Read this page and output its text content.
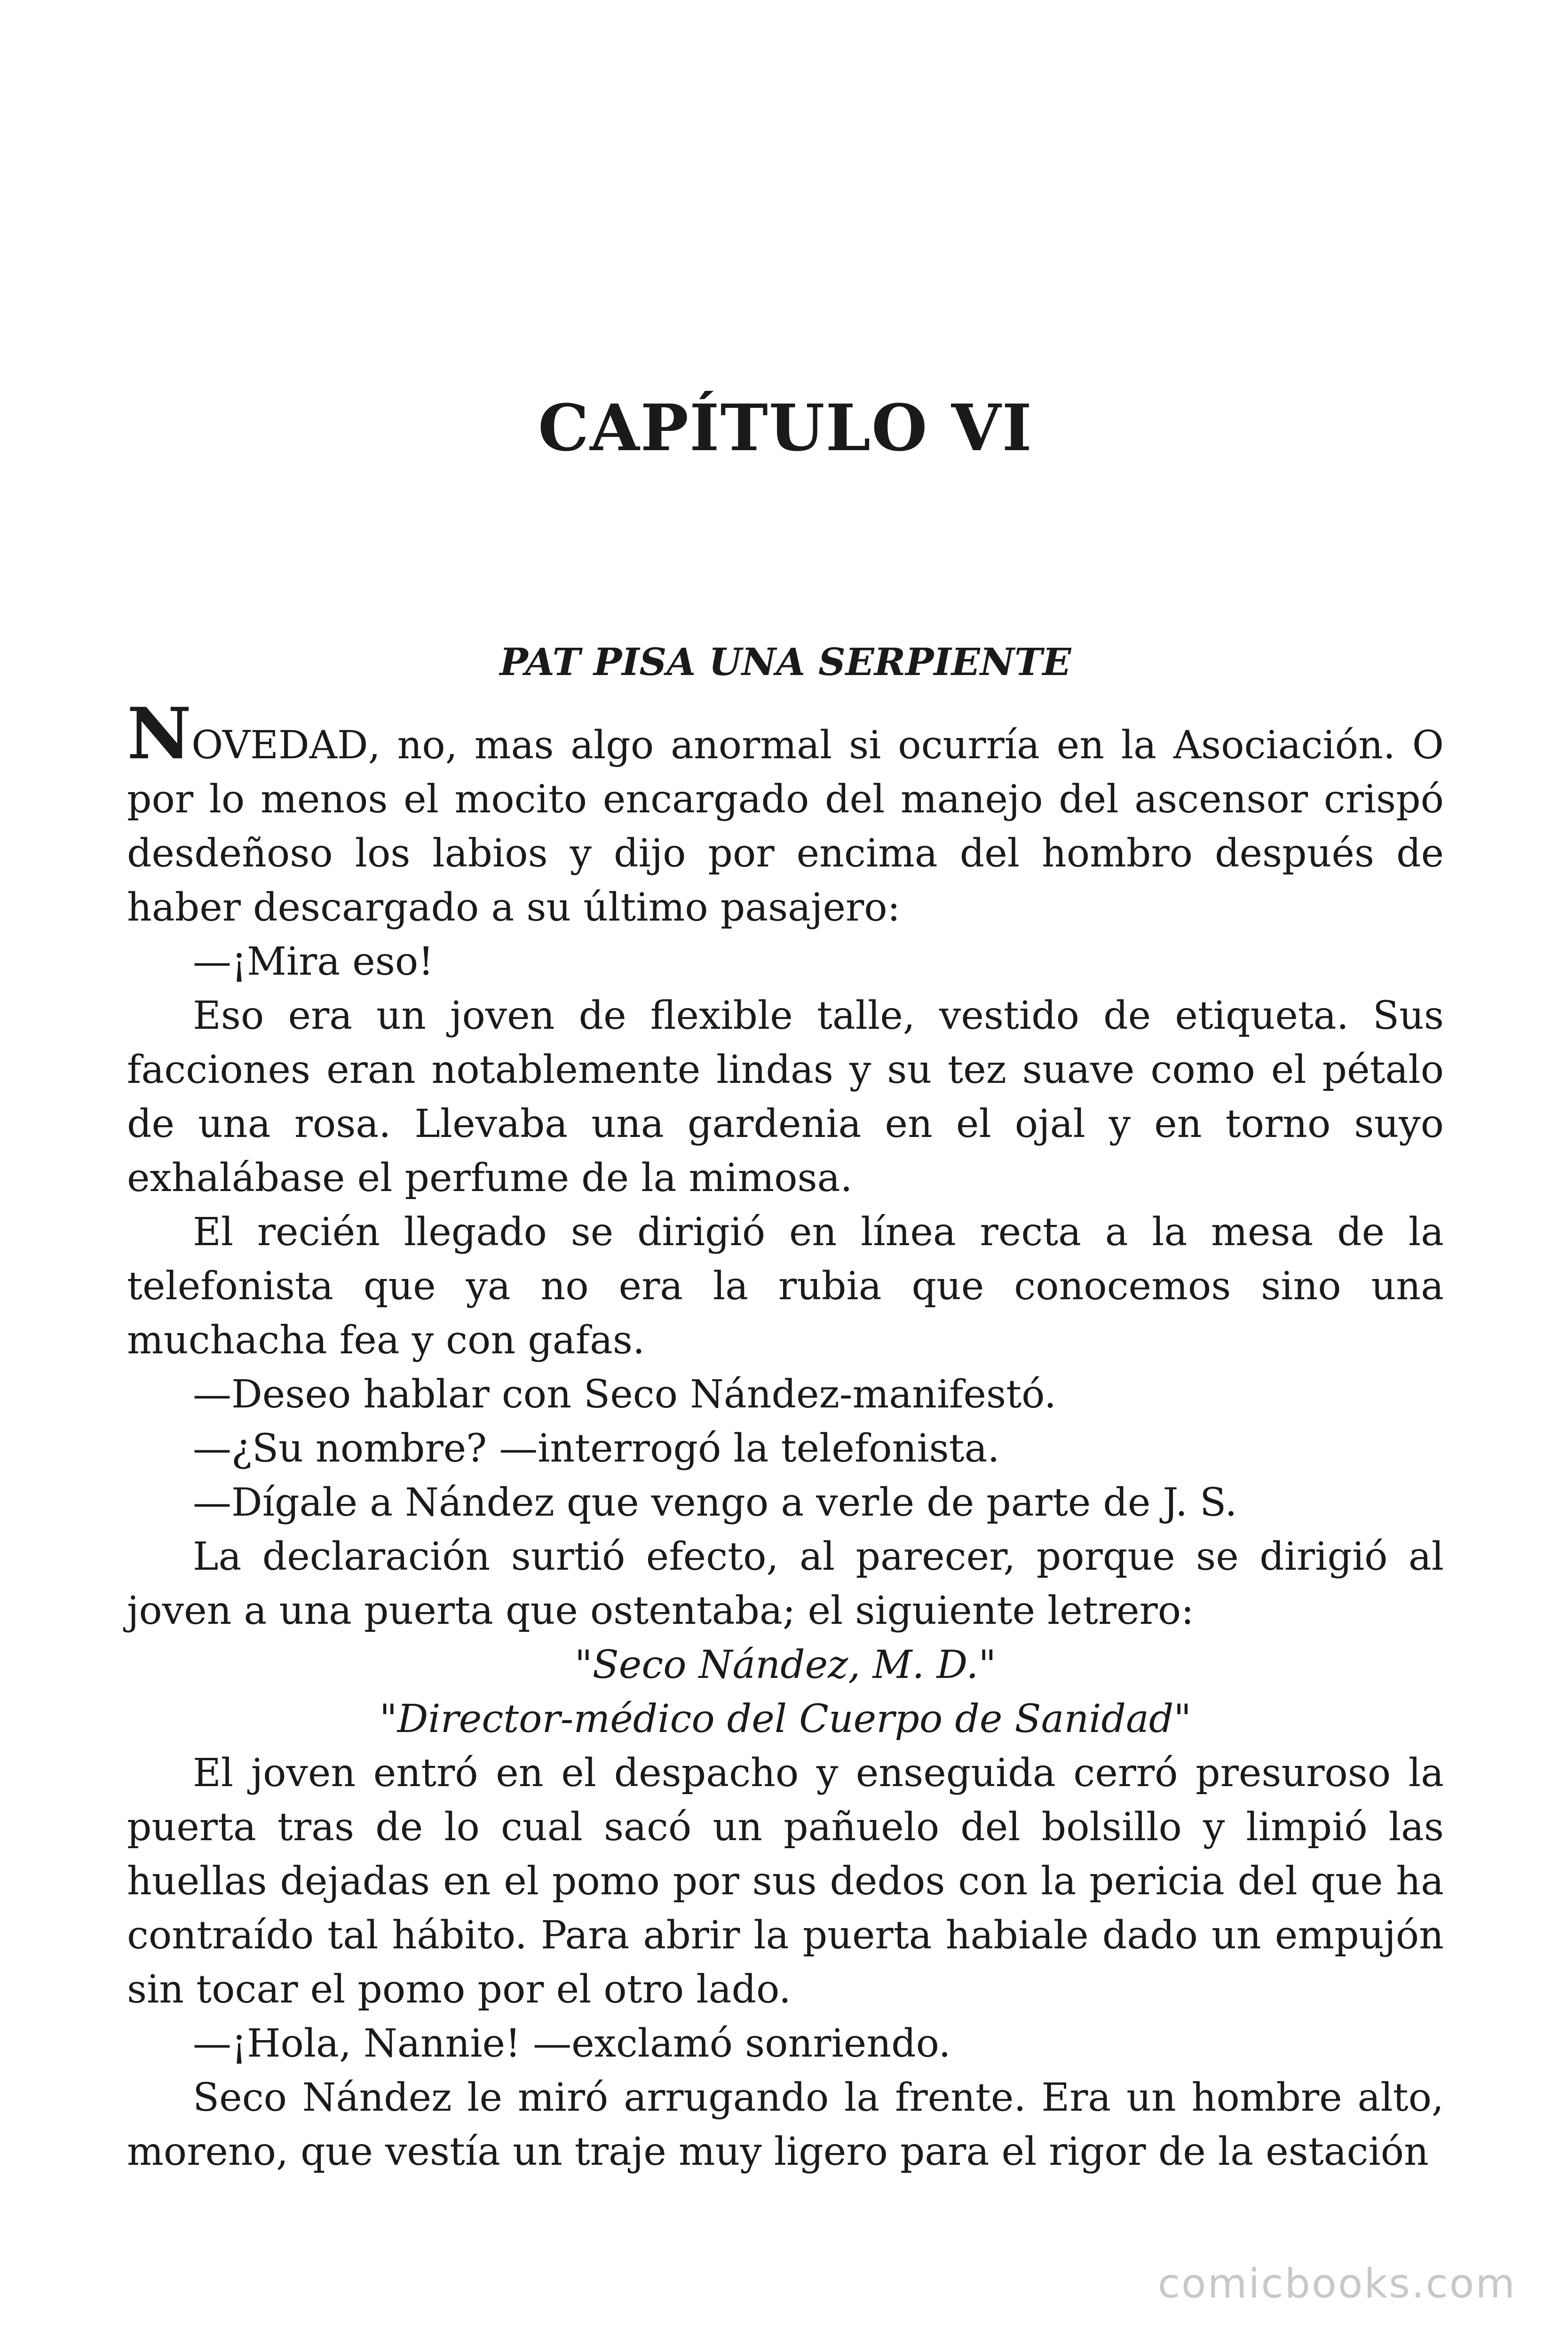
CAPÍTULO VI
PAT PISA UNA SERPIENTE

NOVEDAD, no, mas algo anormal si ocurría en la Asociación. O por lo menos el mocito encargado del manejo del ascensor crispó desdeñoso los labios y dijo por encima del hombro después de haber descargado a su último pasajero:

—¡Mira eso!

Eso era un joven de flexible talle, vestido de etiqueta. Sus facciones eran notablemente lindas y su tez suave como el pétalo de una rosa. Llevaba una gardenia en el ojal y en torno suyo exhalábase el perfume de la mimosa.

El recién llegado se dirigió en línea recta a la mesa de la telefonista que ya no era la rubia que conocemos sino una muchacha fea y con gafas.

—Deseo hablar con Seco Nández-manifestó.

—¿Su nombre? —interrogó la telefonista.

—Dígale a Nández que vengo a verle de parte de J. S.

La declaración surtió efecto, al parecer, porque se dirigió al joven a una puerta que ostentaba; el siguiente letrero:

"Seco Nández, M. D."

"Director-médico del Cuerpo de Sanidad"

El joven entró en el despacho y enseguida cerró presuroso la puerta tras de lo cual sacó un pañuelo del bolsillo y limpió las huellas dejadas en el pomo por sus dedos con la pericia del que ha contraído tal hábito. Para abrir la puerta habiale dado un empujón sin tocar el pomo por el otro lado.

—¡Hola, Nannie! —exclamó sonriendo.

Seco Nández le miró arrugando la frente. Era un hombre alto, moreno, que vestía un traje muy ligero para el rigor de la estación

comicbooks.com
